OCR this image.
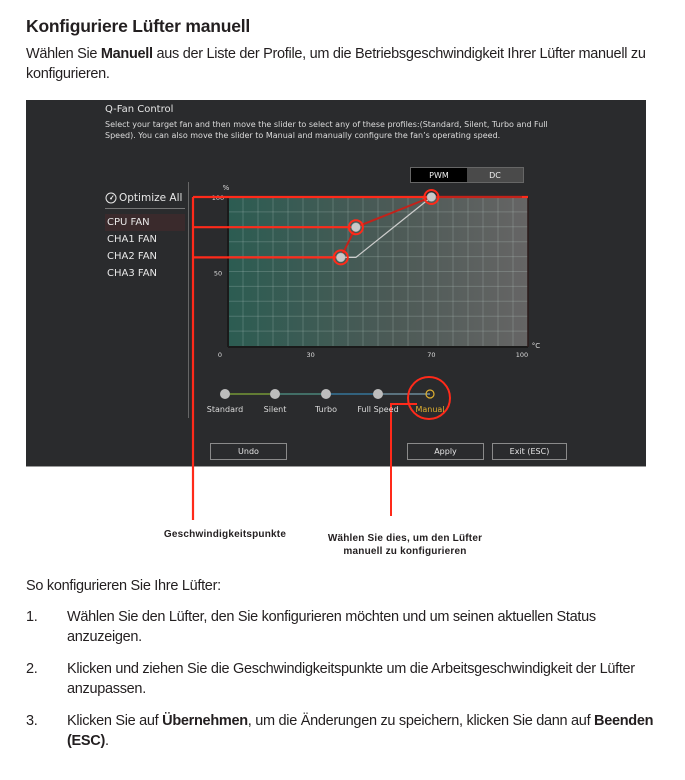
Konfiguriere Lüfter manuell
Wählen Sie Manuell aus der Liste der Profile, um die Betriebsgeschwindigkeit Ihrer Lüfter manuell zu konfigurieren.
Q-Fan Control
Select your target fan and then move the slider to select any of these profiles:(Standard, Silent, Turbo and Full Speed). You can also move the slider to Manual and manually configure the fan’s operating speed.
PWM	DC
Optimize All
CPU FAN
CHA1 FAN
CHA2 FAN
CHA3 FAN
0	30	70	100
100
50
%
°C
Standard	Silent	Turbo	Full Speed Manual
Undo	Apply	Exit (ESC)
Geschwindigkeitspunkte	Wählen Sie dies, um den Lüfter
manuell zu konfigurieren
So konfigurieren Sie Ihre Lüfter:
1. Wählen Sie den Lüfter, den Sie konfigurieren möchten und um seinen aktuellen Status anzuzeigen.
2. Klicken und ziehen Sie die Geschwindigkeitspunkte um die Arbeitsgeschwindigkeit der Lüfter anzupassen.
3. Klicken Sie auf Übernehmen, um die Änderungen zu speichern, klicken Sie dann auf Beenden (ESC).
